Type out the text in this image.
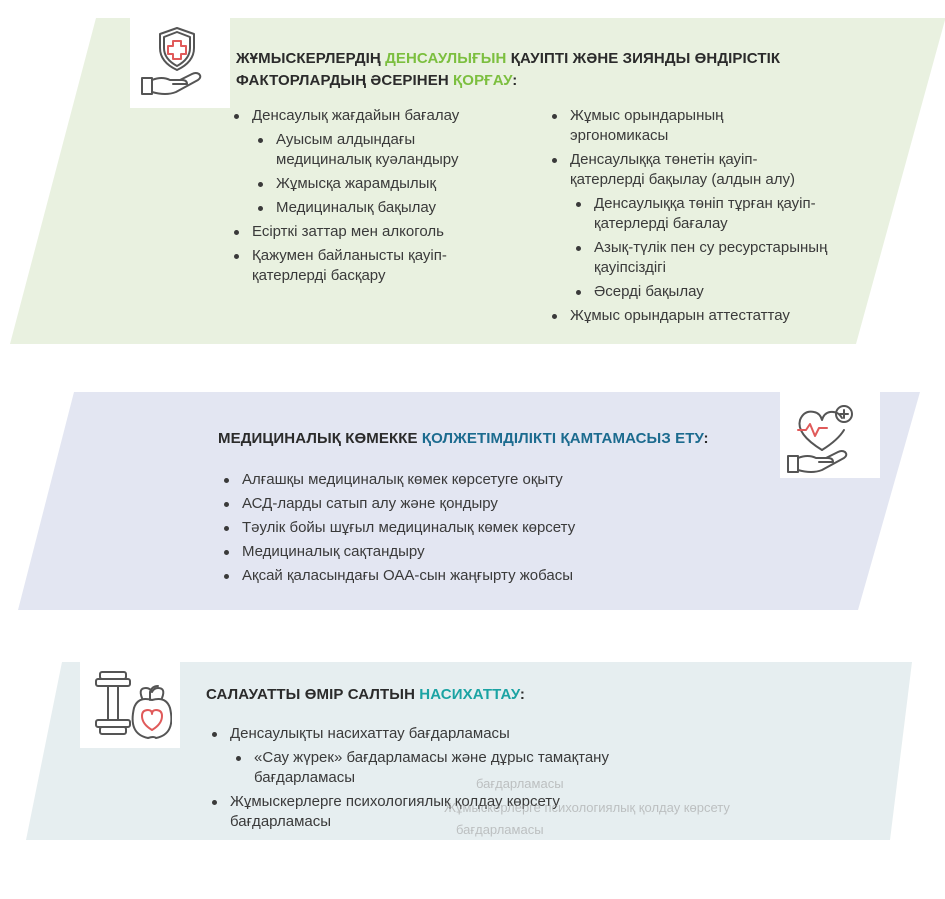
ЖҰМЫСКЕРЛЕРДІҢ ДЕНСАУЛЫҒЫН ҚАУІПТІ ЖӘНЕ ЗИЯНДЫ ӨНДІРІСТІК ФАКТОРЛАРДЫҢ ӘСЕРІНЕН ҚОРҒАУ:
Денсаулық жағдайын бағалау
Ауысым алдындағы медициналық куәландыру
Жұмысқа жарамдылық
Медициналық бақылау
Есірткі заттар мен алкоголь
Қажумен байланысты қауіп-қатерлерді басқару
Жұмыс орындарының эргономикасы
Денсаулыққа төнетін қауіп-қатерлерді бақылау (алдын алу)
Денсаулыққа төніп тұрған қауіп-қатерлерді бағалау
Азық-түлік пен су ресурстарының қауіпсіздігі
Әсерді бақылау
Жұмыс орындарын аттестаттау
МЕДИЦИНАЛЫҚ КӨМЕККЕ ҚОЛЖЕТІМДІЛІКТІ ҚАМТАМАСЫЗ ЕТУ:
Алғашқы медициналық көмек көрсетуге оқыту
АСД-ларды сатып алу және қондыру
Тәулік бойы шұғыл медициналық көмек көрсету
Медициналық сақтандыру
Ақсай қаласындағы ОАА-сын жаңғырту жобасы
САЛАУАТТЫ ӨМІР САЛТЫН НАСИХАТТАУ:
Денсаулықты насихаттау бағдарламасы
«Сау жүрек» бағдарламасы және дұрыс тамақтану бағдарламасы
Жұмыскерлерге психологиялық қолдау көрсету бағдарламасы
бағдарламасы
Жұмыскерлерге психологиялық қолдау көрсету
бағдарламасы
